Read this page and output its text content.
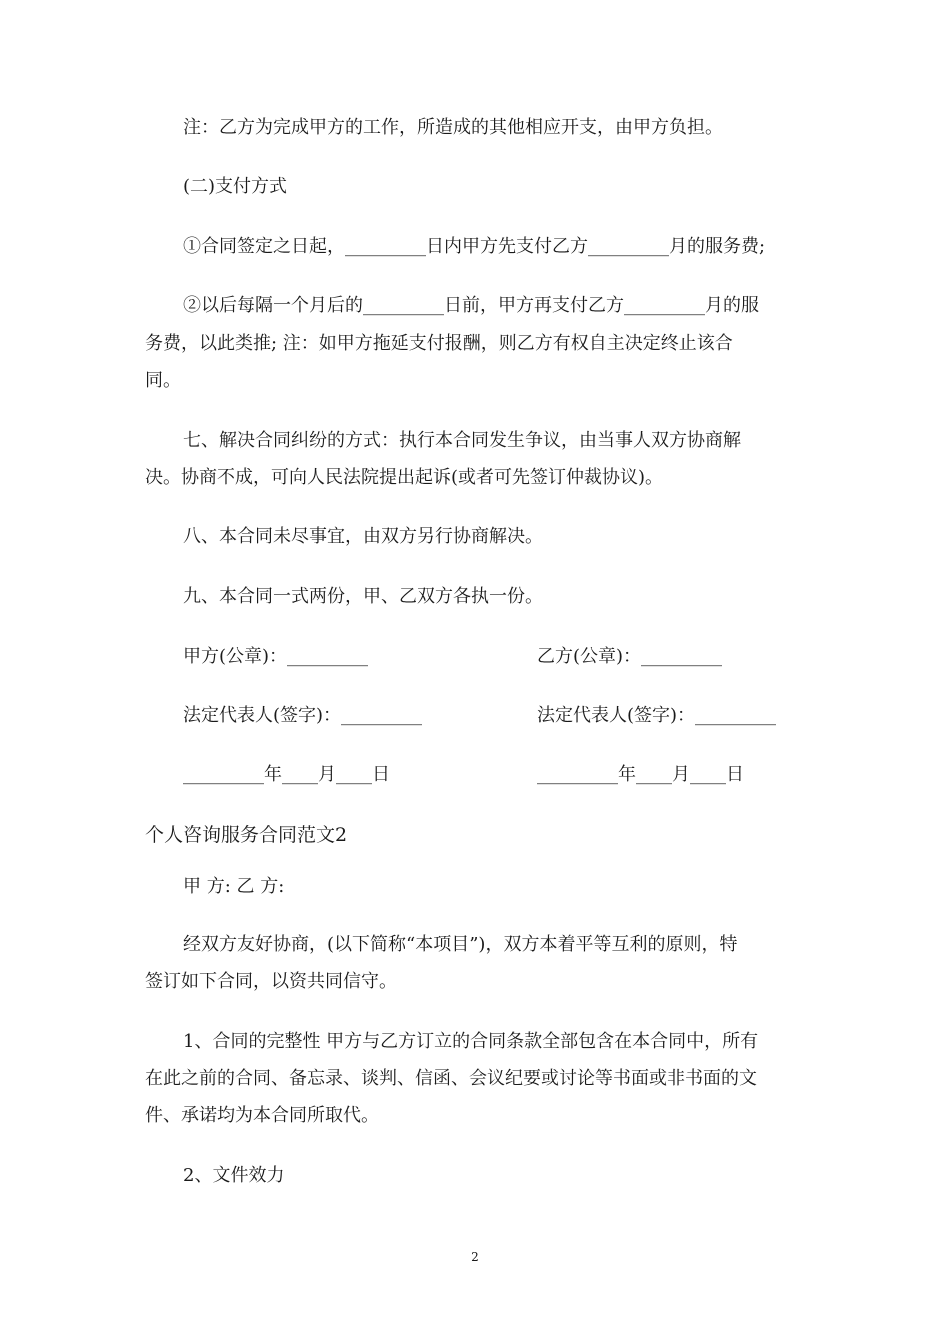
注：乙方为完成甲方的工作，所造成的其他相应开支，由甲方负担。
(二)支付方式
①合同签定之日起，_________日内甲方先支付乙方_________月的服务费;
②以后每隔一个月后的_________日前，甲方再支付乙方_________月的服
务费，以此类推; 注：如甲方拖延支付报酬，则乙方有权自主决定终止该合
同。
七、解决合同纠纷的方式：执行本合同发生争议，由当事人双方协商解
决。协商不成，可向人民法院提出起诉(或者可先签订仲裁协议)。
八、本合同未尽事宜，由双方另行协商解决。
九、本合同一式两份，甲、乙双方各执一份。
甲方(公章)：_________	乙方(公章)：_________
法定代表人(签字)：_________	法定代表人(签字)：_________
_________年____月____日	_________年____月____日
个人咨询服务合同范文2
甲 方: 乙 方:
经双方友好协商，(以下简称“本项目”)，双方本着平等互利的原则，特
签订如下合同，以资共同信守。
1、合同的完整性 甲方与乙方订立的合同条款全部包含在本合同中，所有
在此之前的合同、备忘录、谈判、信函、会议纪要或讨论等书面或非书面的文
件、承诺均为本合同所取代。
2、文件效力
2
